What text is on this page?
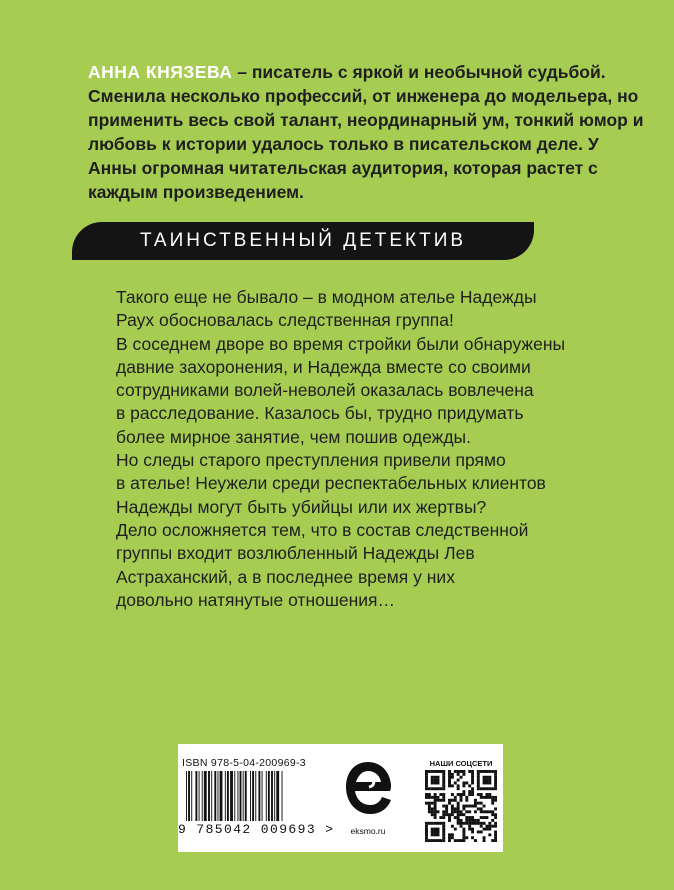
АННА КНЯЗЕВА – писатель с яркой и необычной судьбой. Сменила несколько профессий, от инженера до модельера, но применить весь свой талант, неординарный ум, тонкий юмор и любовь к истории удалось только в писательском деле. У Анны огромная читательская аудитория, которая растет с каждым произведением.
ТАИНСТВЕННЫЙ ДЕТЕКТИВ

Такого еще не бывало – в модном ателье Надежды

Раух обосновалась следственная группа!

В соседнем дворе во время стройки были обнаружены

давние захоронения, и Надежда вместе со своими

сотрудниками волей-неволей оказалась вовлечена

в расследование. Казалось бы, трудно придумать

более мирное занятие, чем пошив одежды.

Но следы старого преступления привели прямо

в ателье! Неужели среди респектабельных клиентов

Надежды могут быть убийцы или их жертвы?

Дело осложняется тем, что в состав следственной

группы входит возлюбленный Надежды Лев

Астраханский, а в последнее время у них

довольно натянутые отношения…

ISBN 978-5-04-200969-3
9 785042 009693 >	eksmo.ru
НАШИ СОЦСЕТИ
